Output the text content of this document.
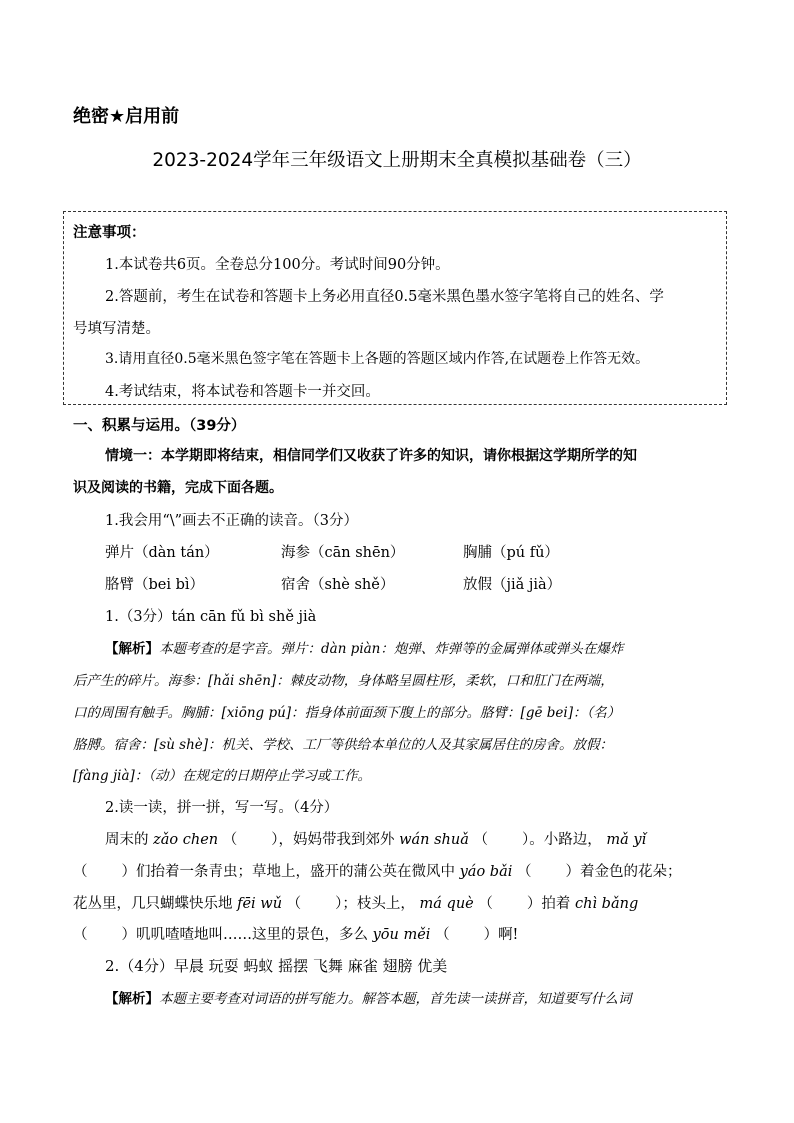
绝密★启用前
2023-2024学年三年级语文上册期末全真模拟基础卷（三）
注意事项：
1.本试卷共6页。全卷总分100分。考试时间90分钟。
2.答题前，考生在试卷和答题卡上务必用直径0.5毫米黑色墨水签字笔将自己的姓名、学
号填写清楚。
3.请用直径0.5毫米黑色签字笔在答题卡上各题的答题区域内作答,在试题卷上作答无效。
4.考试结束，将本试卷和答题卡一并交回。
一、积累与运用。（39分）
情境一：本学期即将结束，相信同学们又收获了许多的知识，请你根据这学期所学的知
识及阅读的书籍，完成下面各题。
1.我会用“\”画去不正确的读音。（3分）
弹片（dàn tán）	海参（cān shēn）	胸脯（pú fǔ）
胳臂（bei bì）	宿舍（shè shě）	放假（jiǎ jià）
1.（3分）tán cān fǔ bì shě jià
【解析】本题考查的是字音。弹片：dàn piàn：炮弹、炸弹等的金属弹体或弹头在爆炸
后产生的碎片。海参：[hǎi shēn]：棘皮动物，身体略呈圆柱形，柔软，口和肛门在两端，
口的周围有触手。胸脯：[xiōng pú]：指身体前面颈下腹上的部分。胳臂：[gē bei]：（名）
胳膊。宿舍：[sù shè]：机关、学校、工厂等供给本单位的人及其家属居住的房舍。放假：
[fàng jià]：（动）在规定的日期停止学习或工作。
2.读一读，拼一拼，写一写。（4分）
周末的 zǎo chen （ ），妈妈带我到郊外 wán shuǎ （ ）。小路边， mǎ yǐ
（ ）们抬着一条青虫；草地上，盛开的蒲公英在微风中 yáo bǎi （ ）着金色的花朵；
花丛里，几只蝴蝶快乐地 fēi wǔ （ ）；枝头上， má què （ ）拍着 chì bǎng
（ ）叽叽喳喳地叫……这里的景色，多么 yōu měi （ ）啊!
2.（4分）早晨 玩耍 蚂蚁 摇摆 飞舞 麻雀 翅膀 优美
【解析】本题主要考查对词语的拼写能力。解答本题，首先读一读拼音，知道要写什么词
